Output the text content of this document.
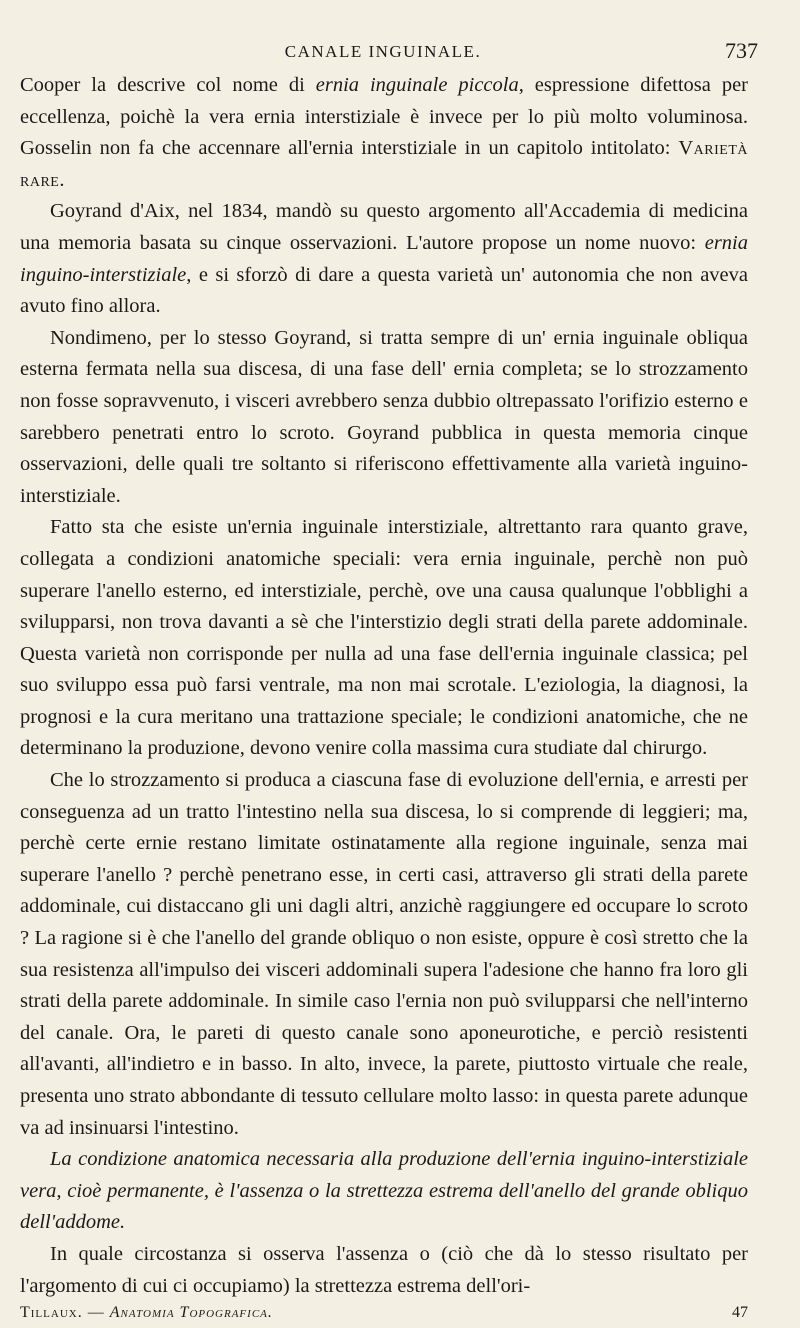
CANALE INGUINALE.	737

Cooper la descrive col nome di ernia inguinale piccola, espressione difettosa per eccellenza, poichè la vera ernia interstiziale è invece per lo più molto voluminosa. Gosselin non fa che accennare all'ernia interstiziale in un capitolo intitolato: Varietà rare.

Goyrand d'Aix, nel 1834, mandò su questo argomento all'Accademia di medicina una memoria basata su cinque osservazioni. L'autore propose un nome nuovo: ernia inguino-interstiziale, e si sforzò di dare a questa varietà un' autonomia che non aveva avuto fino allora.

Nondimeno, per lo stesso Goyrand, si tratta sempre di un' ernia inguinale obliqua esterna fermata nella sua discesa, di una fase dell' ernia completa; se lo strozzamento non fosse sopravvenuto, i visceri avrebbero senza dubbio oltrepassato l'orifizio esterno e sarebbero penetrati entro lo scroto. Goyrand pubblica in questa memoria cinque osservazioni, delle quali tre soltanto si riferiscono effettivamente alla varietà inguino-interstiziale.

Fatto sta che esiste un'ernia inguinale interstiziale, altrettanto rara quanto grave, collegata a condizioni anatomiche speciali: vera ernia inguinale, perchè non può superare l'anello esterno, ed interstiziale, perchè, ove una causa qualunque l'obblighi a svilupparsi, non trova davanti a sè che l'interstizio degli strati della parete addominale. Questa varietà non corrisponde per nulla ad una fase dell'ernia inguinale classica; pel suo sviluppo essa può farsi ventrale, ma non mai scrotale. L'eziologia, la diagnosi, la prognosi e la cura meritano una trattazione speciale; le condizioni anatomiche, che ne determinano la produzione, devono venire colla massima cura studiate dal chirurgo.

Che lo strozzamento si produca a ciascuna fase di evoluzione dell'ernia, e arresti per conseguenza ad un tratto l'intestino nella sua discesa, lo si comprende di leggieri; ma, perchè certe ernie restano limitate ostinatamente alla regione inguinale, senza mai superare l'anello ? perchè penetrano esse, in certi casi, attraverso gli strati della parete addominale, cui distaccano gli uni dagli altri, anzichè raggiungere ed occupare lo scroto ? La ragione si è che l'anello del grande obliquo o non esiste, oppure è così stretto che la sua resistenza all'impulso dei visceri addominali supera l'adesione che hanno fra loro gli strati della parete addominale. In simile caso l'ernia non può svilupparsi che nell'interno del canale. Ora, le pareti di questo canale sono aponeurotiche, e perciò resistenti all'avanti, all'indietro e in basso. In alto, invece, la parete, piuttosto virtuale che reale, presenta uno strato abbondante di tessuto cellulare molto lasso: in questa parete adunque va ad insinuarsi l'intestino.

La condizione anatomica necessaria alla produzione dell'ernia inguino-interstiziale vera, cioè permanente, è l'assenza o la strettezza estrema dell'anello del grande obliquo dell'addome.

In quale circostanza si osserva l'assenza o (ciò che dà lo stesso risultato per l'argomento di cui ci occupiamo) la strettezza estrema dell'ori-

Tillaux. — Anatomia Topografica.	47
